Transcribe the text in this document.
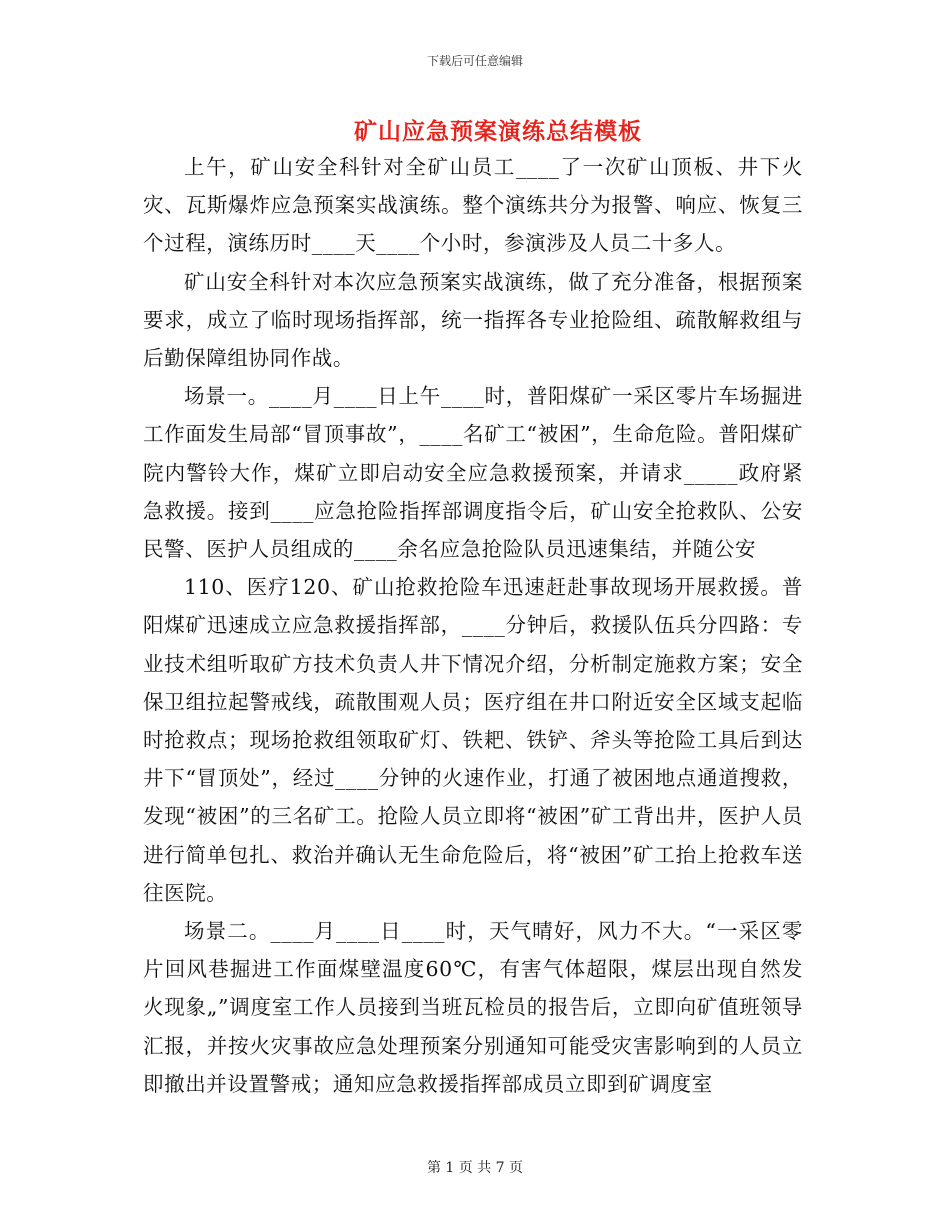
下载后可任意编辑
矿山应急预案演练总结模板

上午，矿山安全科针对全矿山员工____了一次矿山顶板、井下火灾、瓦斯爆炸应急预案实战演练。整个演练共分为报警、响应、恢复三个过程，演练历时____天____个小时，参演涉及人员二十多人。

矿山安全科针对本次应急预案实战演练，做了充分准备，根据预案要求，成立了临时现场指挥部，统一指挥各专业抢险组、疏散解救组与后勤保障组协同作战。

场景一。____月____日上午____时，普阳煤矿一采区零片车场掘进工作面发生局部“冒顶事故”，____名矿工“被困”，生命危险。普阳煤矿院内警铃大作，煤矿立即启动安全应急救援预案，并请求_____政府紧急救援。接到____应急抢险指挥部调度指令后，矿山安全抢救队、公安民警、医护人员组成的____余名应急抢险队员迅速集结，并随公安

110、医疗120、矿山抢救抢险车迅速赶赴事故现场开展救援。普阳煤矿迅速成立应急救援指挥部，____分钟后，救援队伍兵分四路：专业技术组听取矿方技术负责人井下情况介绍，分析制定施救方案；安全保卫组拉起警戒线，疏散围观人员；医疗组在井口附近安全区域支起临时抢救点；现场抢救组领取矿灯、铁耙、铁铲、斧头等抢险工具后到达井下“冒顶处”，经过____分钟的火速作业，打通了被困地点通道搜救，发现“被困”的三名矿工。抢险人员立即将“被困”矿工背出井，医护人员进行简单包扎、救治并确认无生命危险后，将“被困”矿工抬上抢救车送往医院。

场景二。____月____日____时，天气晴好，风力不大。“一采区零片回风巷掘进工作面煤壁温度60℃，有害气体超限，煤层出现自然发火现象„”调度室工作人员接到当班瓦检员的报告后，立即向矿值班领导汇报，并按火灾事故应急处理预案分别通知可能受灾害影响到的人员立即撤出并设置警戒；通知应急救援指挥部成员立即到矿调度室

第 1 页 共 7 页
